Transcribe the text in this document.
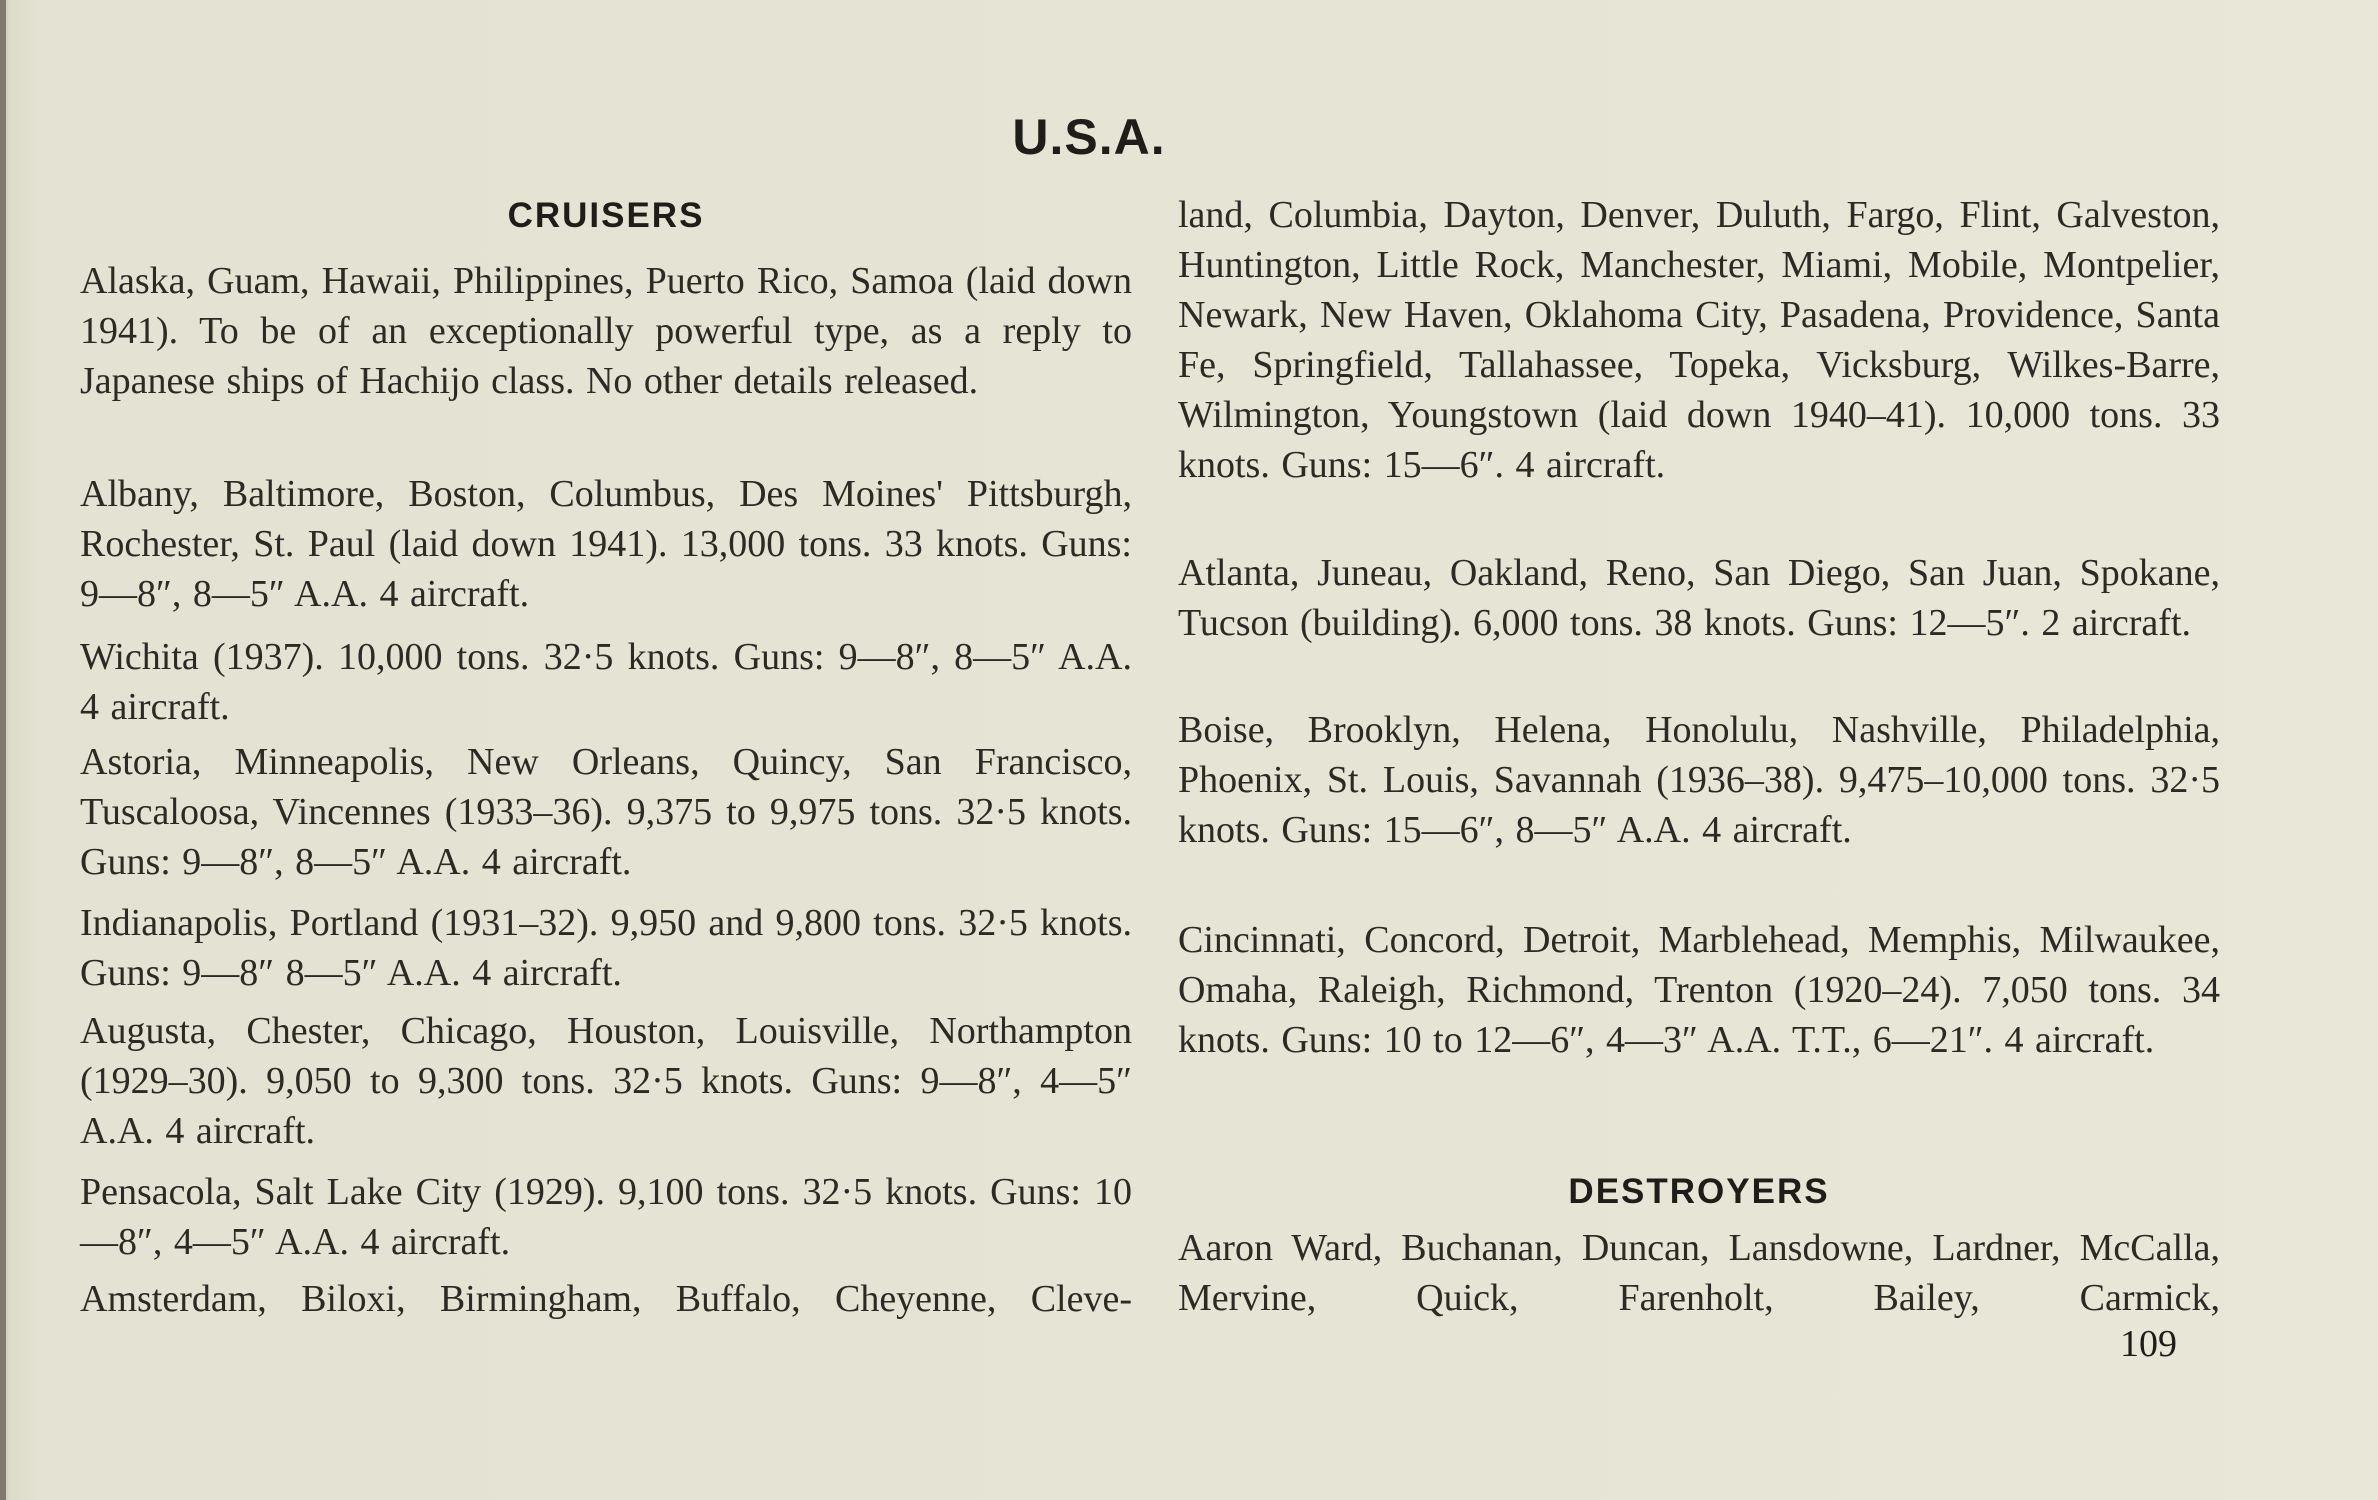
U.S.A.
CRUISERS
Alaska, Guam, Hawaii, Philippines, Puerto Rico, Samoa (laid down 1941). To be of an exceptionally powerful type, as a reply to Japanese ships of Hachijo class. No other details released.
Albany, Baltimore, Boston, Columbus, Des Moines' Pittsburgh, Rochester, St. Paul (laid down 1941). 13,000 tons. 33 knots. Guns: 9—8″, 8—5″ A.A. 4 aircraft.
Wichita (1937). 10,000 tons. 32·5 knots. Guns: 9—8″, 8—5″ A.A. 4 aircraft.
Astoria, Minneapolis, New Orleans, Quincy, San Francisco, Tuscaloosa, Vincennes (1933–36). 9,375 to 9,975 tons. 32·5 knots. Guns: 9—8″, 8—5″ A.A. 4 aircraft.
Indianapolis, Portland (1931–32). 9,950 and 9,800 tons. 32·5 knots. Guns: 9—8″ 8—5″ A.A. 4 aircraft.
Augusta, Chester, Chicago, Houston, Louisville, Northampton (1929–30). 9,050 to 9,300 tons. 32·5 knots. Guns: 9—8″, 4—5″ A.A. 4 aircraft.
Pensacola, Salt Lake City (1929). 9,100 tons. 32·5 knots. Guns: 10—8″, 4—5″ A.A. 4 aircraft.
Amsterdam, Biloxi, Birmingham, Buffalo, Cheyenne, Cleve-
land, Columbia, Dayton, Denver, Duluth, Fargo, Flint, Galveston, Huntington, Little Rock, Manchester, Miami, Mobile, Montpelier, Newark, New Haven, Oklahoma City, Pasadena, Providence, Santa Fe, Springfield, Tallahassee, Topeka, Vicksburg, Wilkes-Barre, Wilmington, Youngstown (laid down 1940–41). 10,000 tons. 33 knots. Guns: 15—6″. 4 aircraft.
Atlanta, Juneau, Oakland, Reno, San Diego, San Juan, Spokane, Tucson (building). 6,000 tons. 38 knots. Guns: 12—5″. 2 aircraft.
Boise, Brooklyn, Helena, Honolulu, Nashville, Philadelphia, Phoenix, St. Louis, Savannah (1936–38). 9,475–10,000 tons. 32·5 knots. Guns: 15—6″, 8—5″ A.A. 4 aircraft.
Cincinnati, Concord, Detroit, Marblehead, Memphis, Milwaukee, Omaha, Raleigh, Richmond, Trenton (1920–24). 7,050 tons. 34 knots. Guns: 10 to 12—6″, 4—3″ A.A. T.T., 6—21″. 4 aircraft.
DESTROYERS
Aaron Ward, Buchanan, Duncan, Lansdowne, Lardner, McCalla, Mervine, Quick, Farenholt, Bailey, Carmick,
109
